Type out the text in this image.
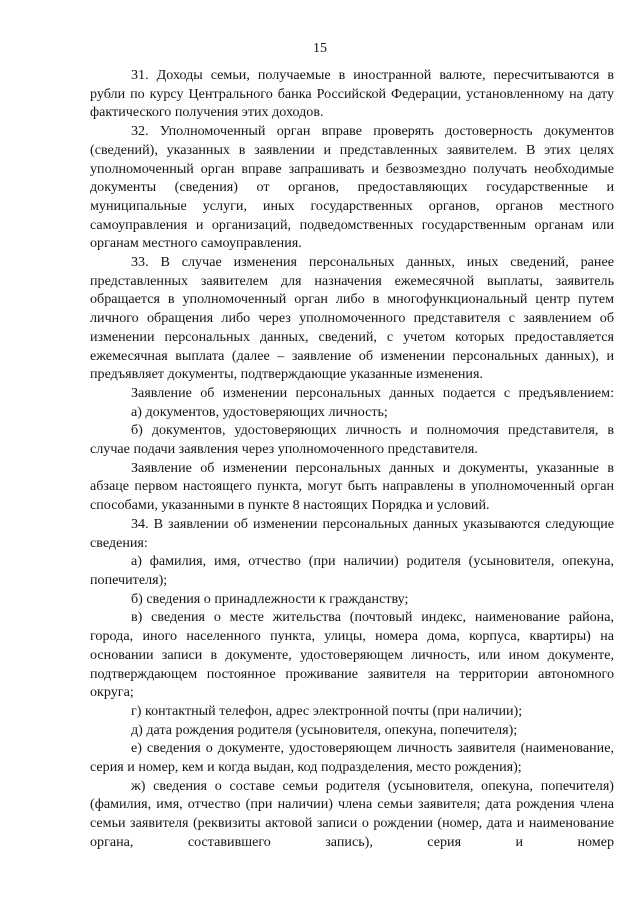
15

31. Доходы семьи, получаемые в иностранной валюте, пересчитываются в рубли по курсу Центрального банка Российской Федерации, установленному на дату фактического получения этих доходов.

32. Уполномоченный орган вправе проверять достоверность документов (сведений), указанных в заявлении и представленных заявителем. В этих целях уполномоченный орган вправе запрашивать и безвозмездно получать необходимые документы (сведения) от органов, предоставляющих государственные и муниципальные услуги, иных государственных органов, органов местного самоуправления и организаций, подведомственных государственным органам или органам местного самоуправления.

33. В случае изменения персональных данных, иных сведений, ранее представленных заявителем для назначения ежемесячной выплаты, заявитель обращается в уполномоченный орган либо в многофункциональный центр путем личного обращения либо через уполномоченного представителя с заявлением об изменении персональных данных, сведений, с учетом которых предоставляется ежемесячная выплата (далее – заявление об изменении персональных данных), и предъявляет документы, подтверждающие указанные изменения.

Заявление об изменении персональных данных подается с предъявлением:

а) документов, удостоверяющих личность;

б) документов, удостоверяющих личность и полномочия представителя, в случае подачи заявления через уполномоченного представителя.

Заявление об изменении персональных данных и документы, указанные в абзаце первом настоящего пункта, могут быть направлены в уполномоченный орган способами, указанными в пункте 8 настоящих Порядка и условий.

34. В заявлении об изменении персональных данных указываются следующие сведения:

а) фамилия, имя, отчество (при наличии) родителя (усыновителя, опекуна, попечителя);

б) сведения о принадлежности к гражданству;

в) сведения о месте жительства (почтовый индекс, наименование района, города, иного населенного пункта, улицы, номера дома, корпуса, квартиры) на основании записи в документе, удостоверяющем личность, или ином документе, подтверждающем постоянное проживание заявителя на территории автономного округа;

г) контактный телефон, адрес электронной почты (при наличии);

д) дата рождения родителя (усыновителя, опекуна, попечителя);

е) сведения о документе, удостоверяющем личность заявителя (наименование, серия и номер, кем и когда выдан, код подразделения, место рождения);

ж) сведения о составе семьи родителя (усыновителя, опекуна, попечителя) (фамилия, имя, отчество (при наличии) члена семьи заявителя; дата рождения члена семьи заявителя (реквизиты актовой записи о рождении (номер, дата и наименование органа, составившего запись), серия и номер
